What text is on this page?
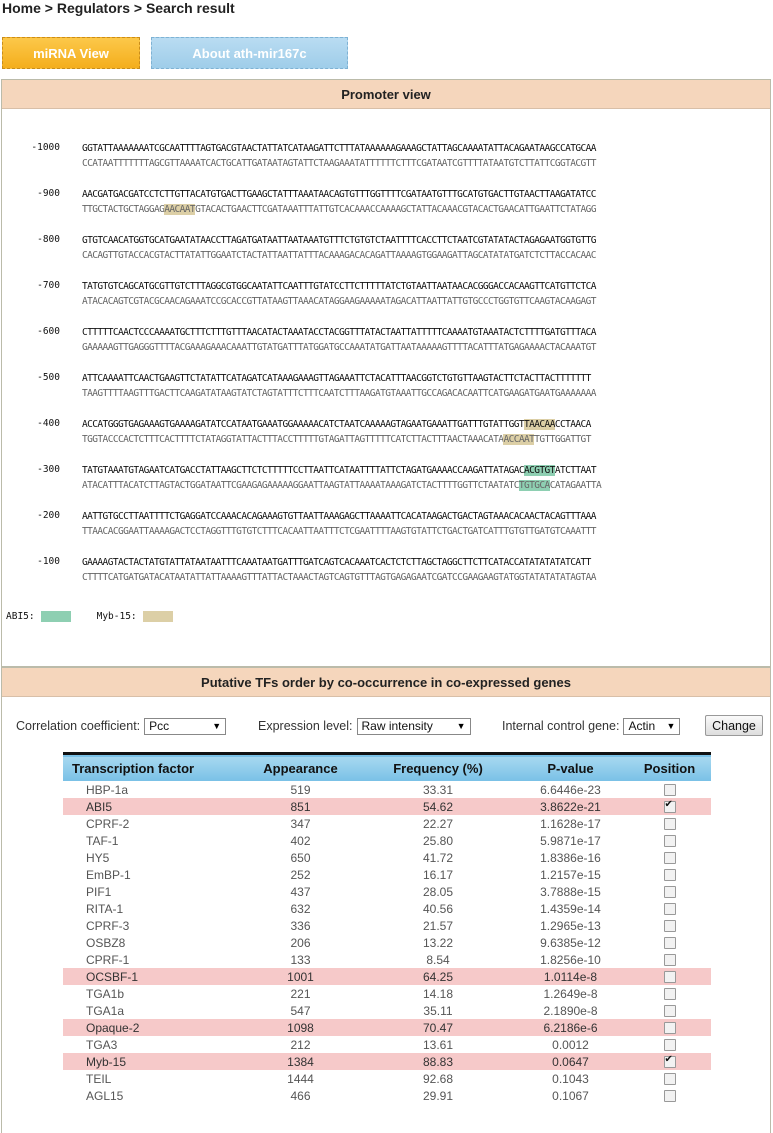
Home > Regulators > Search result
miRNA View	About ath-mir167c
Promoter view
-1000 GGTATTAAAAAAATCGCAATTTTAGTGACGTAACTATTATCATAAGATTCTTTATAAAAAAGAAAGCTATTAGCAAAATATTACAGAATAAGCCATGCAA
CCATAATTTTTTTAGCGTTAAAATCACTGCATTGATAATAGTATTCTAAGAAATATTTTTTCTTTCGATAATCGTTTTATAATGTCTTATTCGGTACGTT
-900 AACGATGACGATCCTCTTGTTACATGTGACTTGAAGCTATTTAAATAACAGTGTTTGGTTTTCGATAATGTTTGCATGTGACTTGTAACTTAAGATATCC
TTGCTACTGCTAGGAGAACAATGTACACTGAACTTCGATAAATTTATTGTCACAAACCAAAAGCTATTACAAACGTACACTGAACATTGAATTCTATAGG
-800 GTGTCAACATGGTGCATGAATATAACCTTAGATGATAATTAATAAATGTTTCTGTGTCTAATTTTCACCTTCTAATCGTATATACTAGAGAATGGTGTTG
CACAGTTGTACCACGTACTTATATTGGAATCTACTATTAATTATTTACAAAGACACAGATTAAAAGTGGAAGATTAGCATATATGATCTCTTACCACAAC
-700 TATGTGTCAGCATGCGTTGTCTTTAGGCGTGGCAATATTCAATTTGTATCCTTCTTTTTATCTGTAATTAATAACACGGGACCACAAGTTCATGTTCTCA
ATACACAGTCGTACGCAACAGAAATCCGCACCGTTATAAGTTAAACATAGGAAGAAAAATAGACATTAATTATTGTGCCCTGGTGTTCAAGTACAAGAGT
-600 CTTTTTCAACTCCCAAAATGCTTTCTTTGTTTAACATACTAAATACCTACGGTTTATACTAATTATTTTTCAAAATGTAAATACTCTTTTGATGTTTACA
GAAAAAGTTGAGGGTTTTACGAAAGAAACAAATTGTATGATTTATGGATGCCAAATATGATTAATAAAAAGTTTTACATTTATGAGAAAACTACAAATGT
-500 ATTCAAAATTCAACTGAAGTTCTATATTCATAGATCATAAAGAAAGTTAGAAATTCTACATTTAACGGTCTGTGTTAAGTACTTCTACTTACTTTTTTT
TAAGTTTTAAGTTTGACTTCAAGATATAAGTATCTAGTATTTCTTTCAATCTTTAAGATGTAAATTGCCAGACACAATTCATGAAGATGAATGAAAAAAA
-400 ACCATGGGTGAGAAAGTGAAAAGATATCCATAATGAAATGGAAAAACATCTAATCAAAAAGTAGAATGAAATTGATTTGTATTGGTTAACAACCTAACA
TGGTACCCACTCTTTCACTTTTCTATAGGTATTACTTTACCTTTTTGTAGATTAGTTTTTCATCTTACTTTAACTAAACATAACCAATTGTTGGATTGT
-300 TATGTAAATGTAGAATCATGACCTATTAAGCTTCTCTTTTTCCTTAATTCATAATTTTATTCTAGATGAAAACCAAGATTATAGACACGTGTATCTTAAT
ATACATTTACATCTTAGTACTGGATAATTCGAAGAGAAAAAGGAATTAAGTATTAAAATAAAGATCTACTTTTGGTTCTAATATCTGTGCACATAGAATTA
-200 AATTGTGCCTTAATTTTCTGAGGATCCAAACACAGAAAGTGTTAATTAAAGAGCTTAAAATTCACATAAGACTGACTAGTAAACACAACTACAGTTTAAA
TTAACACGGAATTAAAAGACTCCTAGGTTTGTGTCTTTCACAATTAATTTCTCGAATTTTAAGTGTATTCTGACTGATCATTTGTGTTGATGTCAAATTT
-100 GAAAAGTACTACTATGTATTATAATAATTTCAAATAATGATTTGATCAGTCACAAATCACTCTCTTAGCTAGGCTTCTTCATACCATATATATATCATT
CTTTTCATGATGATACATAATATTATTAAAAGTTTATTACTAAACTAGTCAGTGTTTAGTGAGAGAATCGATCCGAAGAAGTATGGTATATATATAGTAA
ABI5:	Myb-15:
Putative TFs order by co-occurrence in co-expressed genes
Correlation coefficient: Pcc	▼	Expression level: Raw intensity	▼	Internal control gene: Actin ▼	Change
Transcription factor	Appearance	Frequency (%)	P-value	Position
HBP-1a	519	33.31	6.6446e-23	
ABI5	851	54.62	3.8622e-21	✔
CPRF-2	347	22.27	1.1628e-17	
TAF-1	402	25.80	5.9871e-17	
HY5	650	41.72	1.8386e-16	
EmBP-1	252	16.17	1.2157e-15	
PIF1	437	28.05	3.7888e-15	
RITA-1	632	40.56	1.4359e-14	
CPRF-3	336	21.57	1.2965e-13	
OSBZ8	206	13.22	9.6385e-12	
CPRF-1	133	8.54	1.8256e-10	
OCSBF-1	1001	64.25	1.0114e-8	
TGA1b	221	14.18	1.2649e-8	
TGA1a	547	35.11	2.1890e-8	
Opaque-2	1098	70.47	6.2186e-6	
TGA3	212	13.61	0.0012	
Myb-15	1384	88.83	0.0647	✔
TEIL	1444	92.68	0.1043	
AGL15	466	29.91	0.1067	
